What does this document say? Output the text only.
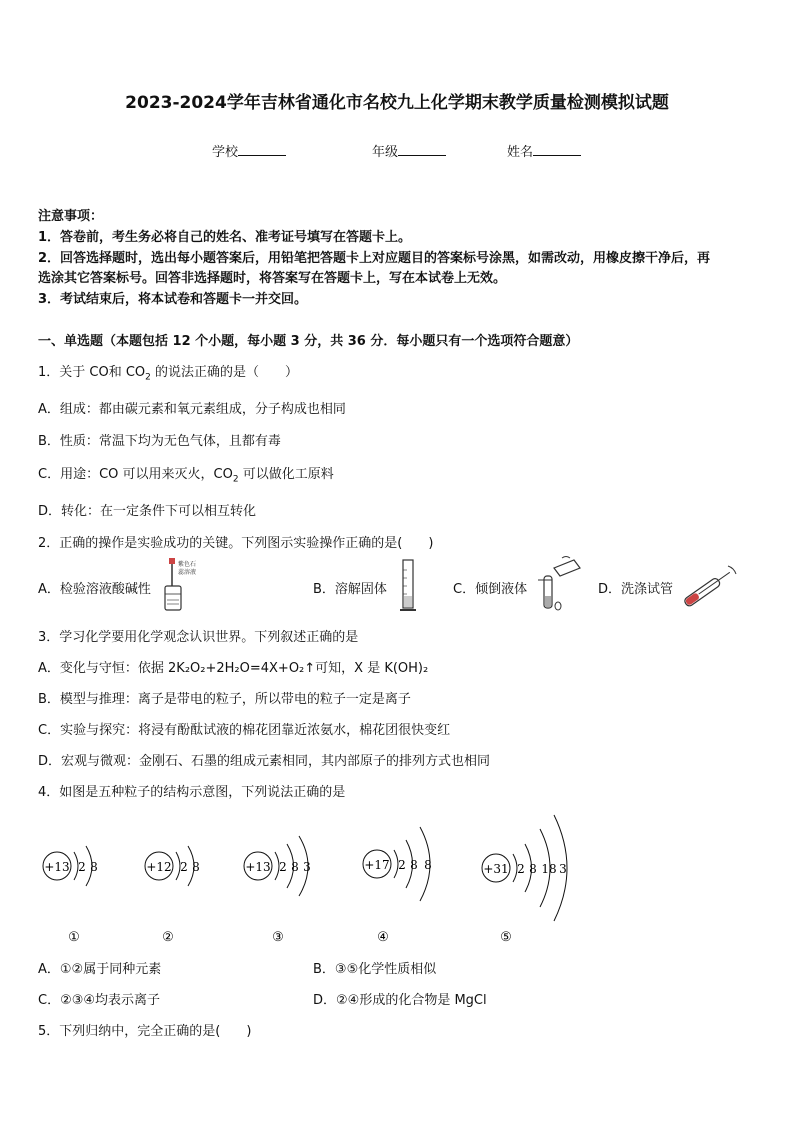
2023-2024学年吉林省通化市名校九上化学期末教学质量检测模拟试题
学校	年级	姓名
注意事项：
1．答卷前，考生务必将自己的姓名、准考证号填写在答题卡上。
2．回答选择题时，选出每小题答案后，用铅笔把答题卡上对应题目的答案标号涂黑，如需改动，用橡皮擦干净后，再
选涂其它答案标号。回答非选择题时，将答案写在答题卡上，写在本试卷上无效。
3．考试结束后，将本试卷和答题卡一并交回。
一、单选题（本题包括 12 个小题，每小题 3 分，共 36 分．每小题只有一个选项符合题意）
1．关于 CO和 $CO_2$ 的说法正确的是（　　）
A．组成：都由碳元素和氧元素组成，分子构成也相同
B．性质：常温下均为无色气体，且都有毒
C．用途：CO 可以用来灭火，$CO_2$ 可以做化工原料
D．转化：在一定条件下可以相互转化
2．正确的操作是实验成功的关键。下列图示实验操作正确的是(　　)
A．检验溶液酸碱性
紫色石
蕊溶液
B．溶解固体	C．倾倒液体	D．洗涤试管
3．学习化学要用化学观念认识世界。下列叙述正确的是
A．变化与守恒：依据 2K₂O₂+2H₂O=4X+O₂↑可知，X 是 K(OH)₂
B．模型与推理：离子是带电的粒子，所以带电的粒子一定是离子
C．实验与探究：将浸有酚酞试液的棉花团靠近浓氨水，棉花团很快变红
D．宏观与微观：金刚石、石墨的组成元素相同，其内部原子的排列方式也相同
4．如图是五种粒子的结构示意图，下列说法正确的是
+13 2 8
①
+12 2 8
②
+13 2 8 3
③
+17 2 8 8
④
+31 2 8 18 3
⑤
A．①②属于同种元素	B．③⑤化学性质相似
C．②③④均表示离子	D．②④形成的化合物是 MgCl
5．下列归纳中，完全正确的是(　　)
